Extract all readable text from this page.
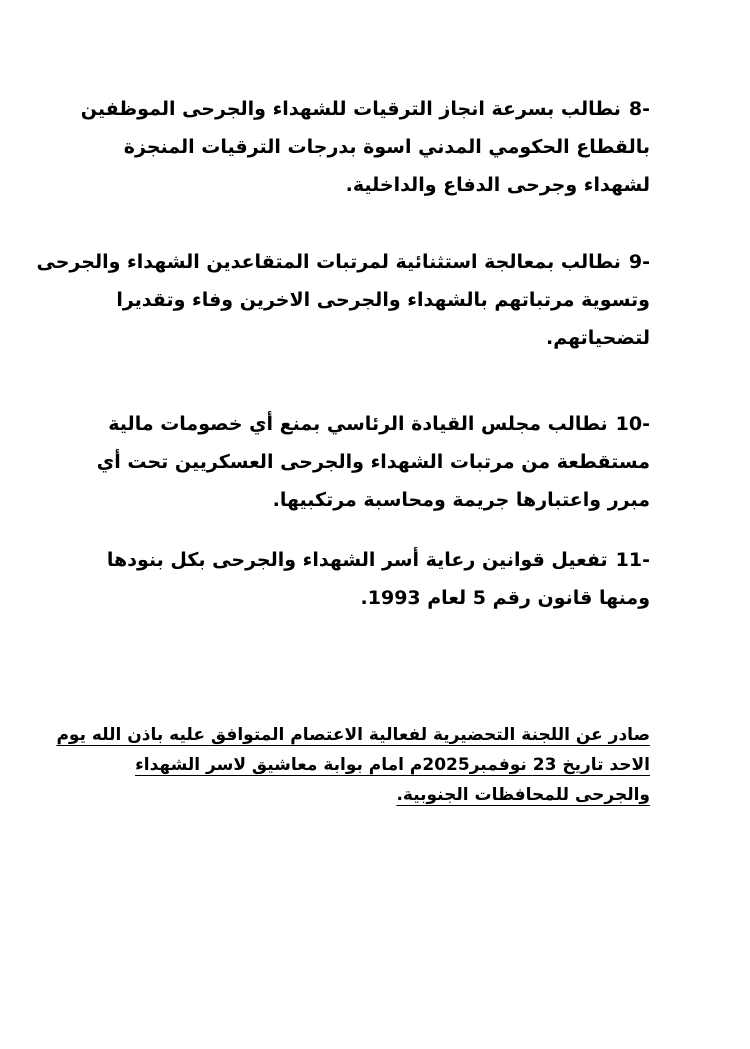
8-نطالب بسرعة انجاز الترقيات للشهداء والجرحى الموظفين
بالقطاع الحكومي المدني اسوة بدرجات الترقيات المنجزة
لشهداء وجرحى الدفاع والداخلية.
9-نطالب بمعالجة استثنائية لمرتبات المتقاعدين الشهداء والجرحى
وتسوية مرتباتهم بالشهداء والجرحى الاخرين وفاء وتقديرا
لتضحياتهم.
10-نطالب مجلس القيادة الرئاسي بمنع أي خصومات مالية
مستقطعة من مرتبات الشهداء والجرحى العسكريين تحت أي
مبرر واعتبارها جريمة ومحاسبة مرتكبيها.
11-تفعيل قوانين رعاية أسر الشهداء والجرحى بكل بنودها
ومنها قانون رقم 5 لعام 1993.
صادر عن اللجنة التحضيرية لفعالية الاعتصام المتوافق عليه باذن الله يوم
الاحد تاريخ 23 نوفمبر2025م امام بوابة معاشيق لاسر الشهداء
والجرحى للمحافظات الجنوبية.
